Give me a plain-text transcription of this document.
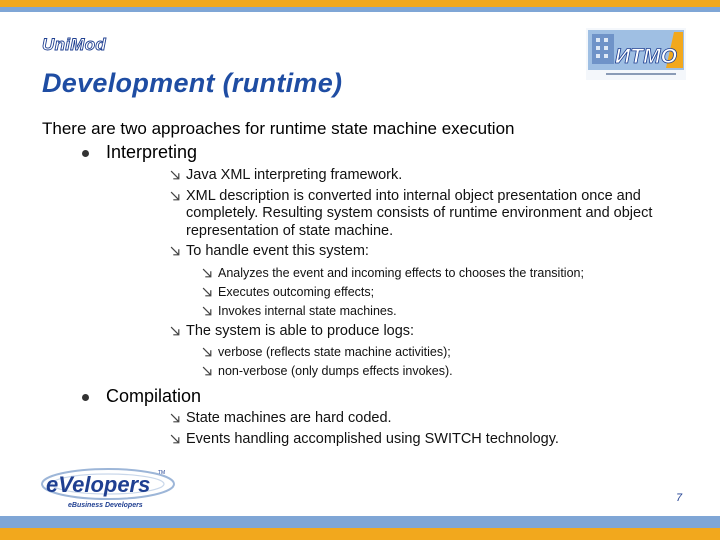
UniMod
Development (runtime)
ИТМО

There are two approaches for runtime state machine execution

Interpreting
Java XML interpreting framework.
XML description is converted into internal object presentation once and completely. Resulting system consists of runtime environment and object representation of state machine.
To handle event this system:
Analyzes the event and incoming effects to chooses the transition;
Executes outcoming effects;
Invokes internal state machines.
The system is able to produce logs:
verbose (reflects state machine activities);
non-verbose (only dumps effects invokes).
Compilation
State machines are hard coded.
Events handling accomplished using SWITCH technology.
eVelopers TM
eBusiness Developers
7
